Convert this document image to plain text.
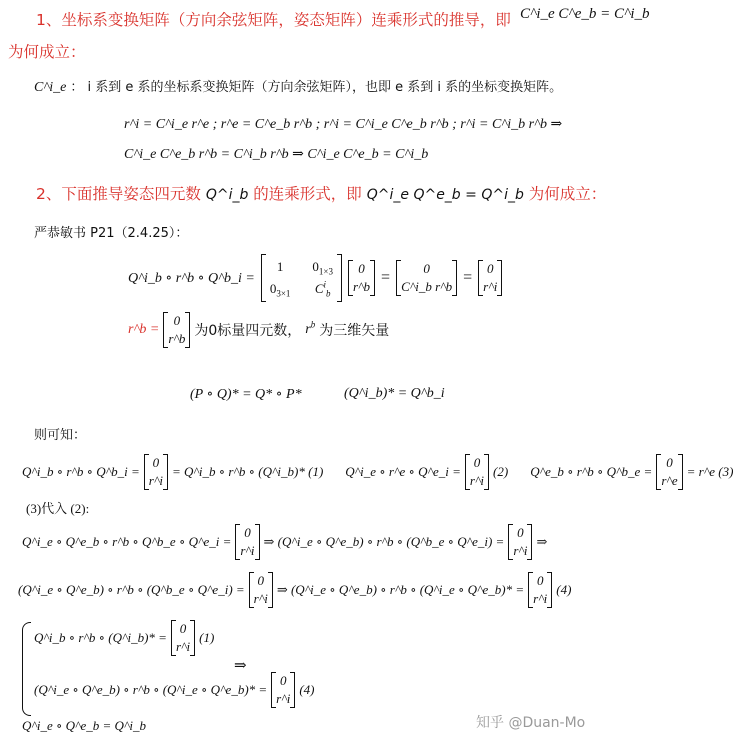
1、坐标系变换矩阵（方向余弦矩阵，姿态矩阵）连乘形式的推导，即 C^i_e C^e_b = C^i_b
为何成立：
C^i_e ： i 系到 e 系的坐标系变换矩阵（方向余弦矩阵），也即 e 系到 i 系的坐标变换矩阵。
r^i = C^i_e r^e ; r^e = C^e_b r^b ; r^i = C^i_e C^e_b r^b ; r^i = C^i_b r^b ⇒
C^i_e C^e_b r^b = C^i_b r^b ⇒ C^i_e C^e_b = C^i_b
2、下面推导姿态四元数 Q^i_b 的连乘形式，即 Q^i_e Q^e_b = Q^i_b 为何成立：
严恭敏书 P21（2.4.25）：
Q^i_b ∘ r^b ∘ Q^b_i =
1	$0_{1\times 3}$
$0_{3\times 1}$ $C^i_b$
0
r^b
=
0
C^i_b r^b
=
0
r^i
r^b =
0
r^b 为0标量四元数， $r^b$ 为三维矢量
(P ∘ Q)* = Q* ∘ P*	(Q^i_b)* = Q^b_i
则可知：
Q^i_b ∘ r^b ∘ Q^b_i =
0
r^i
= Q^i_b ∘ r^b ∘ (Q^i_b)* (1) Q^i_e ∘ r^e ∘ Q^e_i =
0
r^i
(2) Q^e_b ∘ r^b ∘ Q^b_e =
0
r^e
= r^e (3)
(3)代入 (2):
Q^i_e ∘ Q^e_b ∘ r^b ∘ Q^b_e ∘ Q^e_i =
0
r^i
⇒ (Q^i_e ∘ Q^e_b) ∘ r^b ∘ (Q^b_e ∘ Q^e_i) =
0
r^i
⇒
(Q^i_e ∘ Q^e_b) ∘ r^b ∘ (Q^b_e ∘ Q^e_i) =
0
r^i
⇒ (Q^i_e ∘ Q^e_b) ∘ r^b ∘ (Q^i_e ∘ Q^e_b)* =
0
r^i
(4)
Q^i_b ∘ r^b ∘ (Q^i_b)* =
0
r^i
(1)
(Q^i_e ∘ Q^e_b) ∘ r^b ∘ (Q^i_e ∘ Q^e_b)* =
0
r^i
(4)
⇒
Q^i_e ∘ Q^e_b = Q^i_b	知乎 @Duan-Mo
